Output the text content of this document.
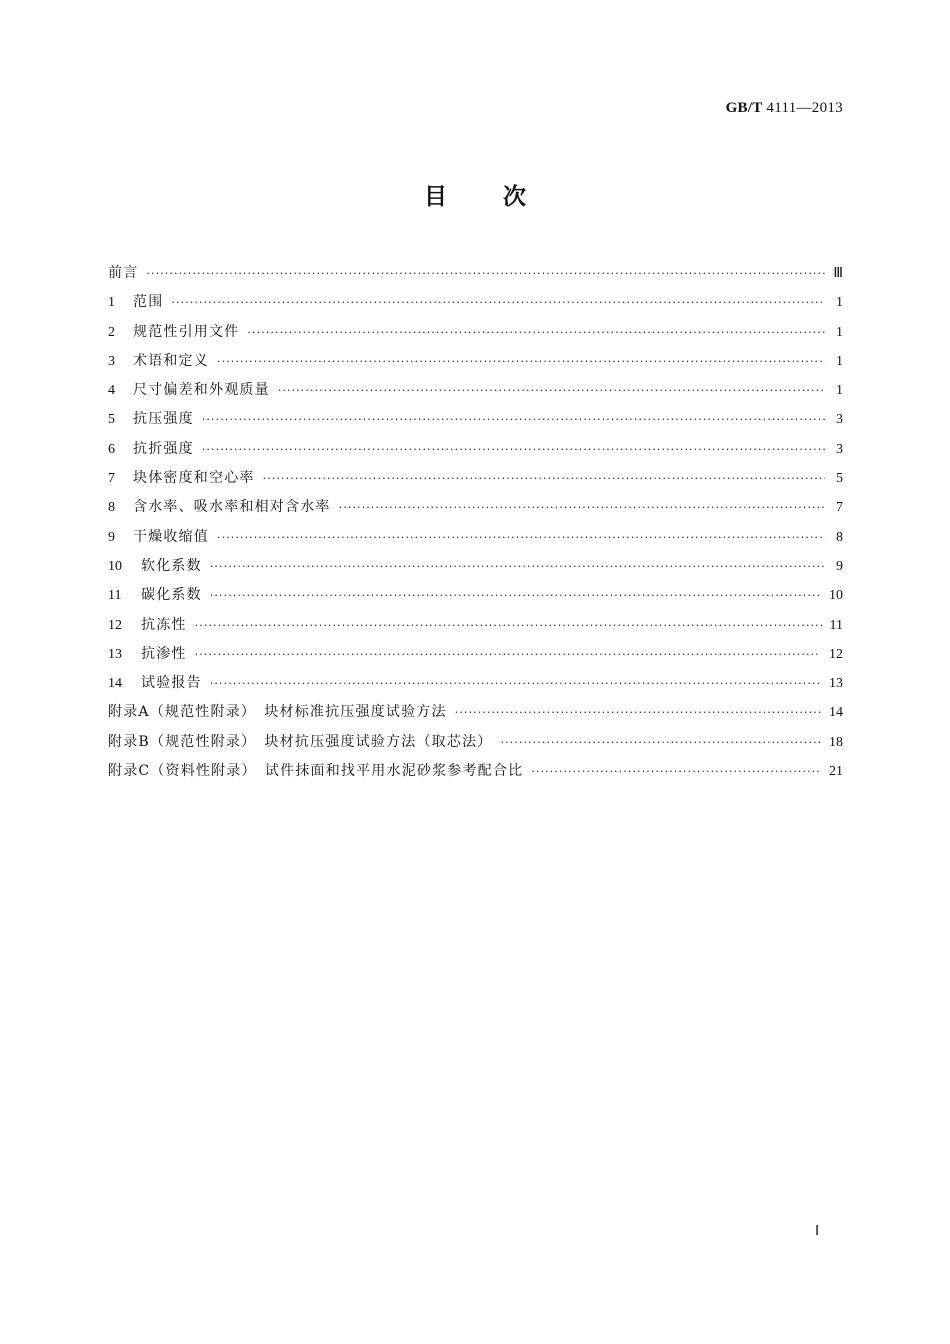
GB/T 4111—2013
目次
前言 ·····	Ⅲ
1	范围 ·····	1
2	规范性引用文件 ·····	1
3	术语和定义 ·····	1
4	尺寸偏差和外观质量 ·····	1
5	抗压强度 ·····	3
6	抗折强度 ·····	3
7	块体密度和空心率 ·····	5
8	含水率、吸水率和相对含水率 ·····	7
9	干燥收缩值 ·····	8
10	软化系数 ·····	9
11	碳化系数 ·····	10
12	抗冻性 ·····	11
13	抗渗性 ·····	12
14	试验报告 ·····	13
附录A（规范性附录）　块材标准抗压强度试验方法 ·····	14
附录B（规范性附录）　块材抗压强度试验方法（取芯法） ·····	18
附录C（资料性附录）　试件抹面和找平用水泥砂浆参考配合比 ·····	21
Ⅰ
